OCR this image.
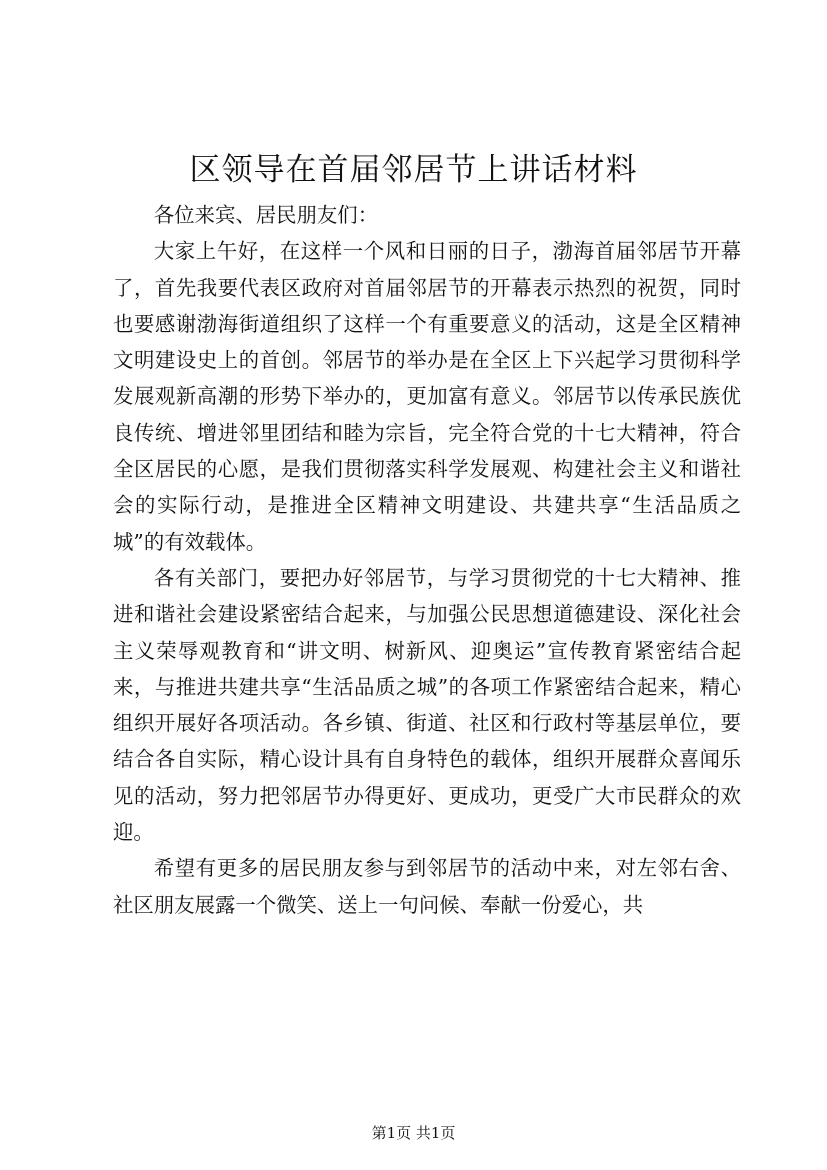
区领导在首届邻居节上讲话材料

各位来宾、居民朋友们：

大家上午好，在这样一个风和日丽的日子，渤海首届邻居节开幕了，首先我要代表区政府对首届邻居节的开幕表示热烈的祝贺，同时也要感谢渤海街道组织了这样一个有重要意义的活动，这是全区精神文明建设史上的首创。邻居节的举办是在全区上下兴起学习贯彻科学发展观新高潮的形势下举办的，更加富有意义。邻居节以传承民族优良传统、增进邻里团结和睦为宗旨，完全符合党的十七大精神，符合全区居民的心愿，是我们贯彻落实科学发展观、构建社会主义和谐社会的实际行动，是推进全区精神文明建设、共建共享“生活品质之城”的有效载体。

各有关部门，要把办好邻居节，与学习贯彻党的十七大精神、推进和谐社会建设紧密结合起来，与加强公民思想道德建设、深化社会主义荣辱观教育和“讲文明、树新风、迎奥运”宣传教育紧密结合起来，与推进共建共享“生活品质之城”的各项工作紧密结合起来，精心组织开展好各项活动。各乡镇、街道、社区和行政村等基层单位，要结合各自实际，精心设计具有自身特色的载体，组织开展群众喜闻乐见的活动，努力把邻居节办得更好、更成功，更受广大市民群众的欢迎。

希望有更多的居民朋友参与到邻居节的活动中来，对左邻右舍、社区朋友展露一个微笑、送上一句问候、奉献一份爱心，共

第1页 共1页
